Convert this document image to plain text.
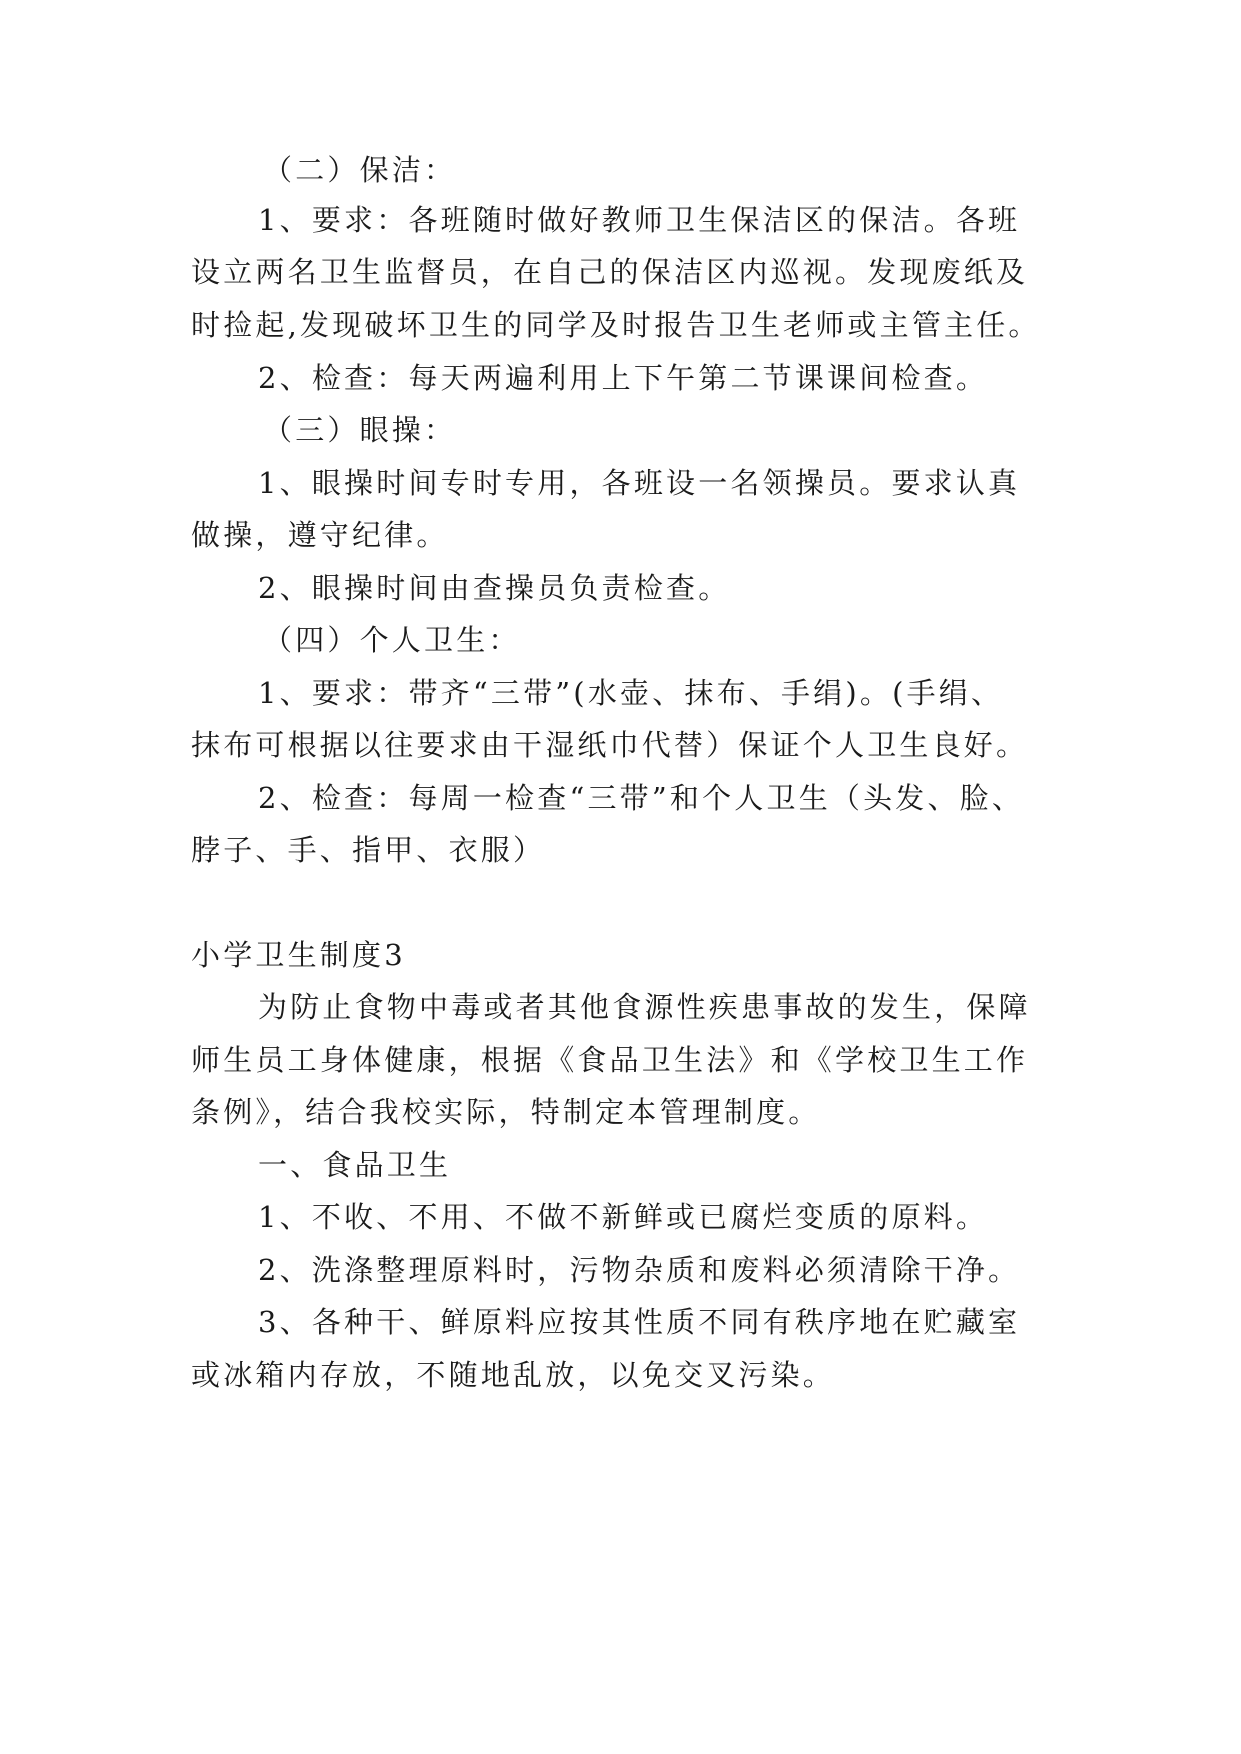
（二）保洁：
1、要求：各班随时做好教师卫生保洁区的保洁。各班
设立两名卫生监督员，在自己的保洁区内巡视。发现废纸及
时捡起,发现破坏卫生的同学及时报告卫生老师或主管主任。
2、检查：每天两遍利用上下午第二节课课间检查。
（三）眼操：
1、眼操时间专时专用，各班设一名领操员。要求认真
做操，遵守纪律。
2、眼操时间由查操员负责检查。
（四）个人卫生：
1、要求：带齐“三带”(水壶、抹布、手绢)。(手绢、
抹布可根据以往要求由干湿纸巾代替）保证个人卫生良好。
2、检查：每周一检查“三带”和个人卫生（头发、脸、
脖子、手、指甲、衣服）
小学卫生制度3
为防止食物中毒或者其他食源性疾患事故的发生，保障
师生员工身体健康，根据《食品卫生法》和《学校卫生工作
条例》，结合我校实际，特制定本管理制度。
一、食品卫生
1、不收、不用、不做不新鲜或已腐烂变质的原料。
2、洗涤整理原料时，污物杂质和废料必须清除干净。
3、各种干、鲜原料应按其性质不同有秩序地在贮藏室
或冰箱内存放，不随地乱放，以免交叉污染。
